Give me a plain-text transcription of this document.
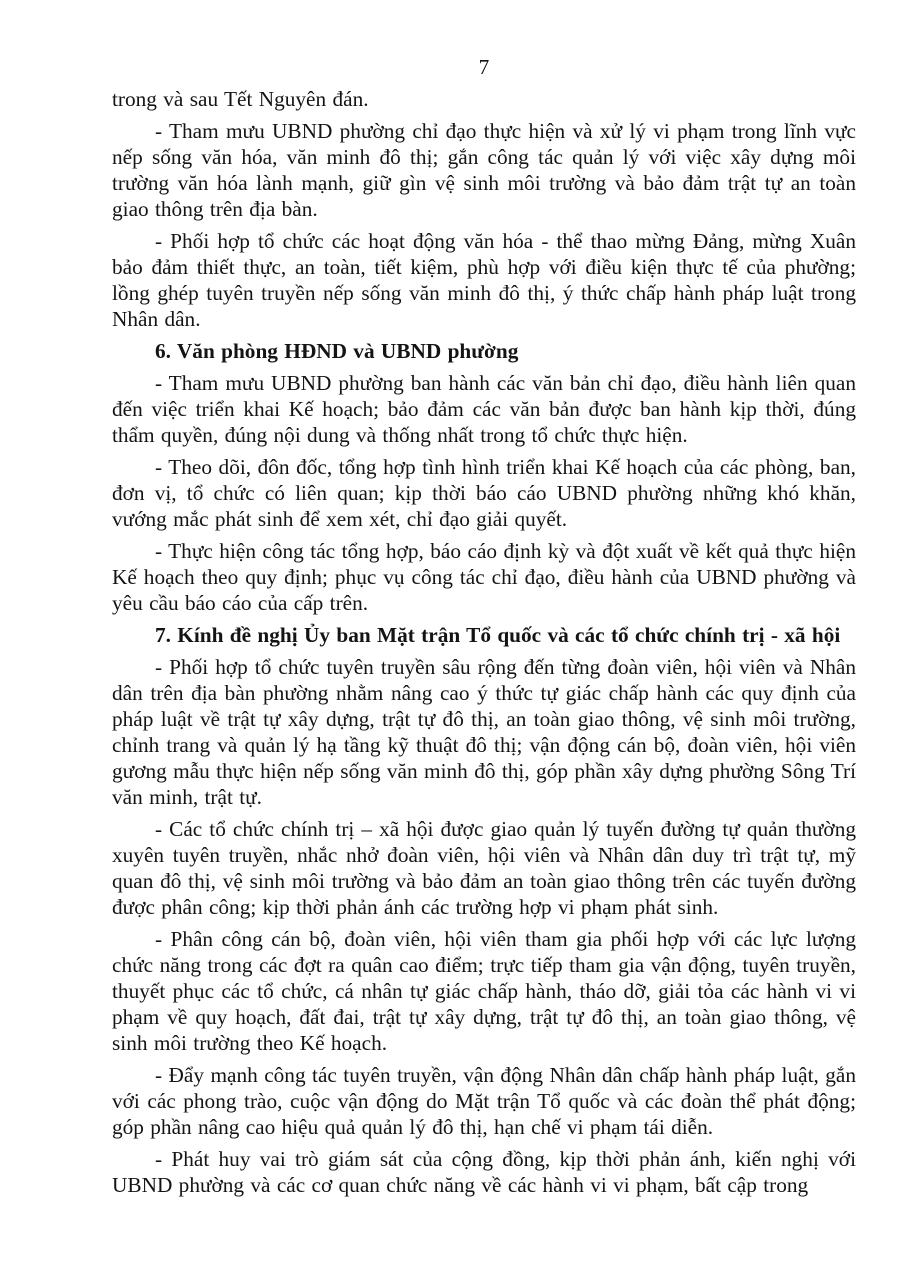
7

trong và sau Tết Nguyên đán.

- Tham mưu UBND phường chỉ đạo thực hiện và xử lý vi phạm trong lĩnh vực nếp sống văn hóa, văn minh đô thị; gắn công tác quản lý với việc xây dựng môi trường văn hóa lành mạnh, giữ gìn vệ sinh môi trường và bảo đảm trật tự an toàn giao thông trên địa bàn.

- Phối hợp tổ chức các hoạt động văn hóa - thể thao mừng Đảng, mừng Xuân bảo đảm thiết thực, an toàn, tiết kiệm, phù hợp với điều kiện thực tế của phường; lồng ghép tuyên truyền nếp sống văn minh đô thị, ý thức chấp hành pháp luật trong Nhân dân.

6. Văn phòng HĐND và UBND phường

- Tham mưu UBND phường ban hành các văn bản chỉ đạo, điều hành liên quan đến việc triển khai Kế hoạch; bảo đảm các văn bản được ban hành kịp thời, đúng thẩm quyền, đúng nội dung và thống nhất trong tổ chức thực hiện.

- Theo dõi, đôn đốc, tổng hợp tình hình triển khai Kế hoạch của các phòng, ban, đơn vị, tổ chức có liên quan; kịp thời báo cáo UBND phường những khó khăn, vướng mắc phát sinh để xem xét, chỉ đạo giải quyết.

- Thực hiện công tác tổng hợp, báo cáo định kỳ và đột xuất về kết quả thực hiện Kế hoạch theo quy định; phục vụ công tác chỉ đạo, điều hành của UBND phường và yêu cầu báo cáo của cấp trên.

7. Kính đề nghị Ủy ban Mặt trận Tổ quốc và các tổ chức chính trị - xã hội

- Phối hợp tổ chức tuyên truyền sâu rộng đến từng đoàn viên, hội viên và Nhân dân trên địa bàn phường nhằm nâng cao ý thức tự giác chấp hành các quy định của pháp luật về trật tự xây dựng, trật tự đô thị, an toàn giao thông, vệ sinh môi trường, chỉnh trang và quản lý hạ tầng kỹ thuật đô thị; vận động cán bộ, đoàn viên, hội viên gương mẫu thực hiện nếp sống văn minh đô thị, góp phần xây dựng phường Sông Trí văn minh, trật tự.

- Các tổ chức chính trị – xã hội được giao quản lý tuyến đường tự quản thường xuyên tuyên truyền, nhắc nhở đoàn viên, hội viên và Nhân dân duy trì trật tự, mỹ quan đô thị, vệ sinh môi trường và bảo đảm an toàn giao thông trên các tuyến đường được phân công; kịp thời phản ánh các trường hợp vi phạm phát sinh.

- Phân công cán bộ, đoàn viên, hội viên tham gia phối hợp với các lực lượng chức năng trong các đợt ra quân cao điểm; trực tiếp tham gia vận động, tuyên truyền, thuyết phục các tổ chức, cá nhân tự giác chấp hành, tháo dỡ, giải tỏa các hành vi vi phạm về quy hoạch, đất đai, trật tự xây dựng, trật tự đô thị, an toàn giao thông, vệ sinh môi trường theo Kế hoạch.

- Đẩy mạnh công tác tuyên truyền, vận động Nhân dân chấp hành pháp luật, gắn với các phong trào, cuộc vận động do Mặt trận Tổ quốc và các đoàn thể phát động; góp phần nâng cao hiệu quả quản lý đô thị, hạn chế vi phạm tái diễn.

- Phát huy vai trò giám sát của cộng đồng, kịp thời phản ánh, kiến nghị với UBND phường và các cơ quan chức năng về các hành vi vi phạm, bất cập trong
